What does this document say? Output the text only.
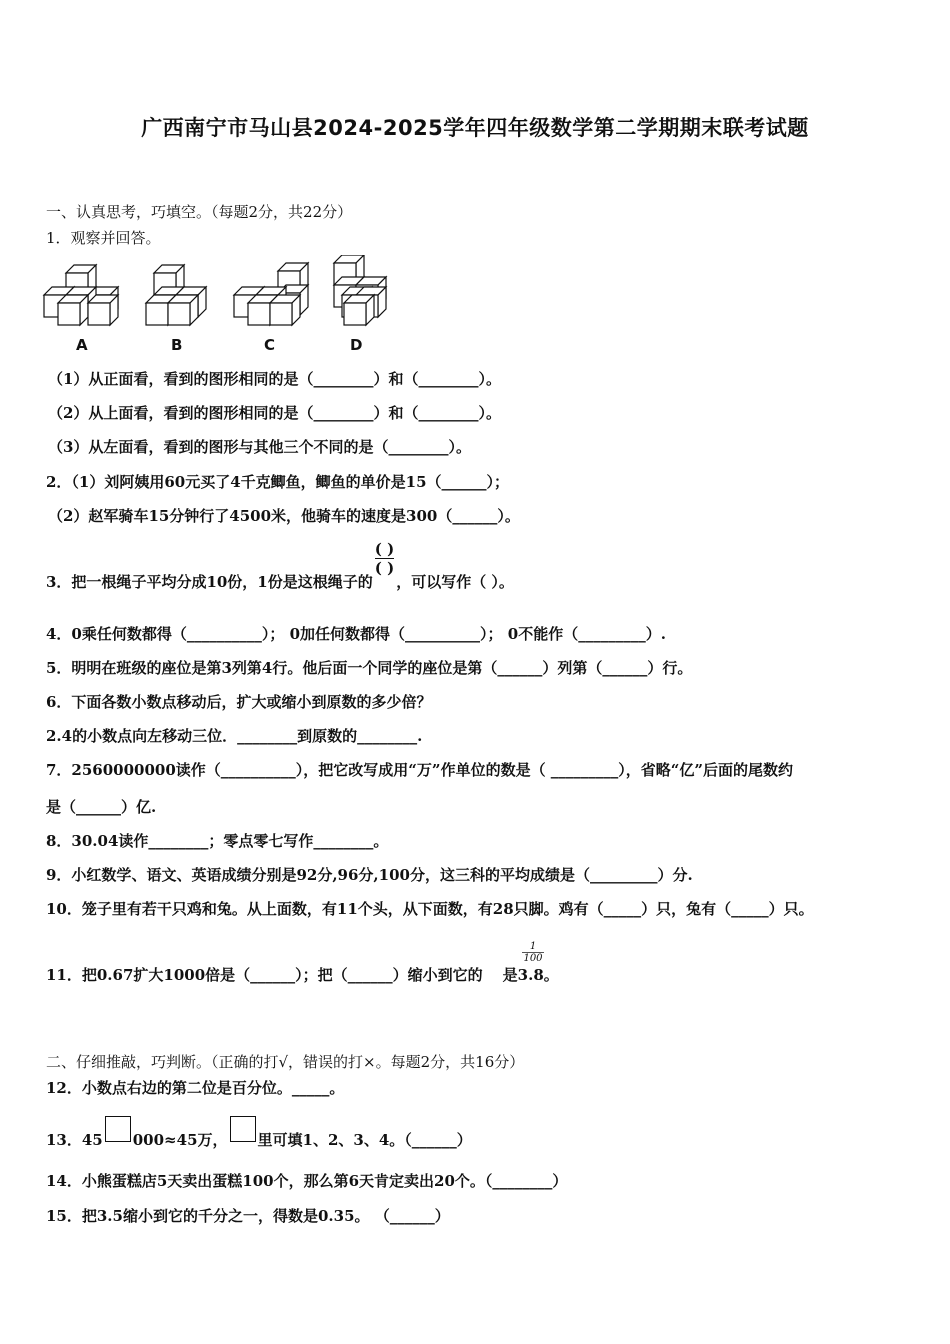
广西南宁市马山县2024-2025学年四年级数学第二学期期末联考试题
一、认真思考，巧填空。（每题2分，共22分）
1．观察并回答。
A	B	C	D
（1）从正面看，看到的图形相同的是（________）和（________）。
（2）从上面看，看到的图形相同的是（________）和（________）。
（3）从左面看，看到的图形与其他三个不同的是（________）。
2．（1）刘阿姨用60元买了4千克鲫鱼，鲫鱼的单价是15（______）；
（2）赵军骑车15分钟行了4500米，他骑车的速度是300（______）。
3．把一根绳子平均分成10份，1份是这根绳子的
$\frac{( )}{( )}$
，可以写作（ ）。
4．0乘任何数都得（__________）； 0加任何数都得（__________）； 0不能作（_________）.
5．明明在班级的座位是第3列第4行。他后面一个同学的座位是第（______）列第（______）行。
6．下面各数小数点移动后，扩大或缩小到原数的多少倍？
2.4的小数点向左移动三位．________到原数的________.
7．2560000000读作（__________），把它改写成用“万”作单位的数是（ _________），省略“亿”后面的尾数约
是（______）亿.
8．30.04读作________；零点零七写作________。
9．小红数学、语文、英语成绩分别是92分,96分,100分，这三科的平均成绩是（_________）分.
10．笼子里有若干只鸡和兔。从上面数，有11个头，从下面数，有28只脚。鸡有（_____）只，兔有（_____）只。
11．把0.67扩大1000倍是（______）；把（______）缩小到它的 是3.8。
$\frac{1}{100}$
二、仔细推敲，巧判断。（正确的打√，错误的打×。每题2分，共16分）
12．小数点右边的第二位是百分位。_____。
13．45 000≈45万， 里可填1、2、3、4。（______）
14．小熊蛋糕店5天卖出蛋糕100个，那么第6天肯定卖出20个。（________）
15．把3.5缩小到它的千分之一，得数是0.35。 （______）
